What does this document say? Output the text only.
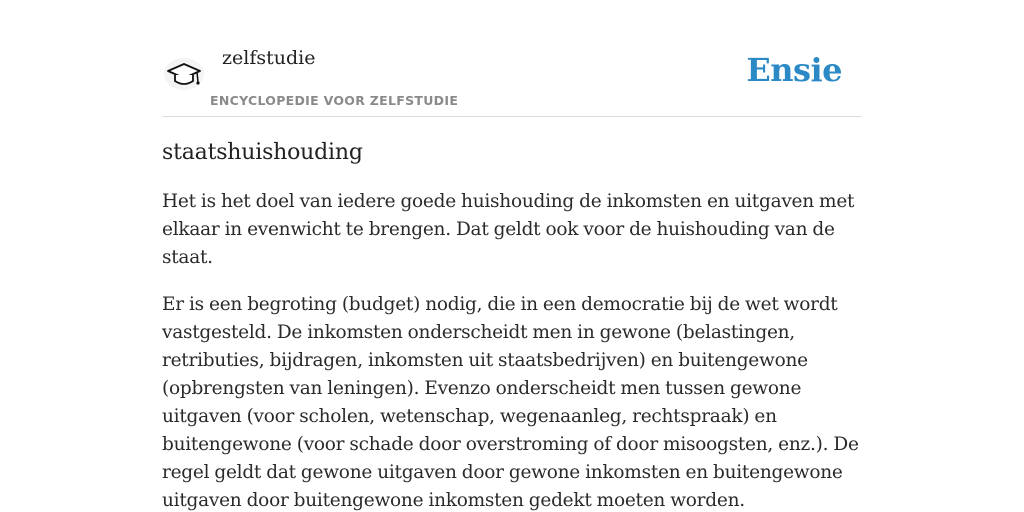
zelfstudie
ENCYCLOPEDIE VOOR ZELFSTUDIE
Ensie
staatshuishouding

Het is het doel van iedere goede huishouding de inkomsten en uitgaven met elkaar in evenwicht te brengen. Dat geldt ook voor de huishouding van de staat.

Er is een begroting (budget) nodig, die in een democratie bij de wet wordt vastgesteld. De inkomsten onderscheidt men in gewone (belastingen, retributies, bijdragen, inkomsten uit staatsbedrijven) en buitengewone (opbrengsten van leningen). Evenzo onderscheidt men tussen gewone uitgaven (voor scholen, wetenschap, wegenaanleg, rechtspraak) en buitengewone (voor schade door overstroming of door misoogsten, enz.). De regel geldt dat gewone uitgaven door gewone inkomsten en buitengewone uitgaven door buitengewone inkomsten gedekt moeten worden.
